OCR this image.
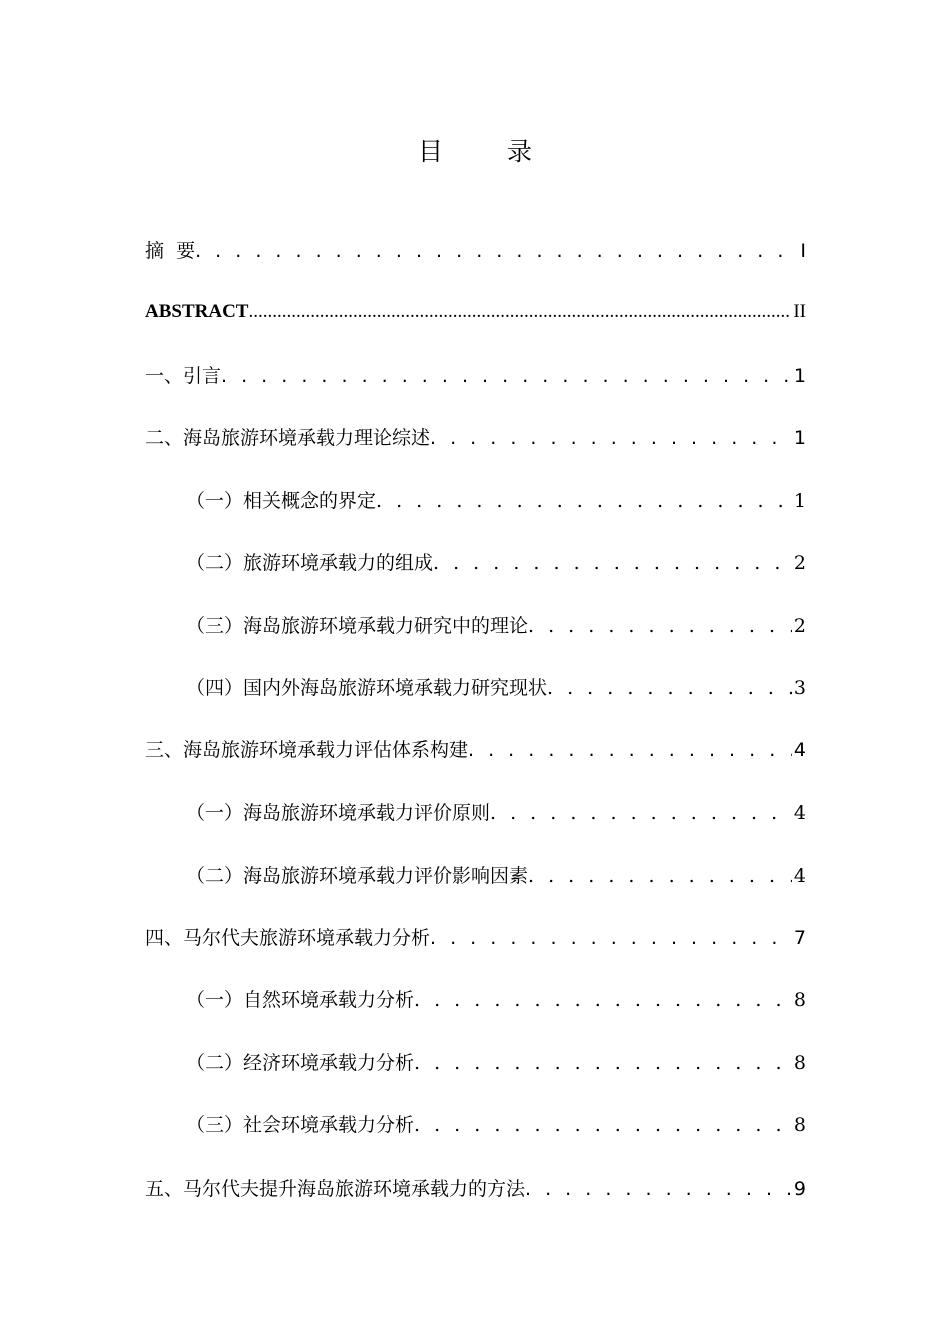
目 录
摘  要 . . .	I
ABSTRACT .....	II
一、引言 . . .	1
二、海岛旅游环境承载力理论综述 . . .	1
（一）相关概念的界定 . . .	1
（二）旅游环境承载力的组成 . . .	2
（三）海岛旅游环境承载力研究中的理论 . . .	2
（四）国内外海岛旅游环境承载力研究现状 . . .	3
三、海岛旅游环境承载力评估体系构建 . . .	4
（一）海岛旅游环境承载力评价原则 . . .	4
（二）海岛旅游环境承载力评价影响因素 . . .	4
四、马尔代夫旅游环境承载力分析 . . .	7
（一）自然环境承载力分析 . . .	8
（二）经济环境承载力分析 . . .	8
（三）社会环境承载力分析 . . .	8
五、马尔代夫提升海岛旅游环境承载力的方法 . . .	9
